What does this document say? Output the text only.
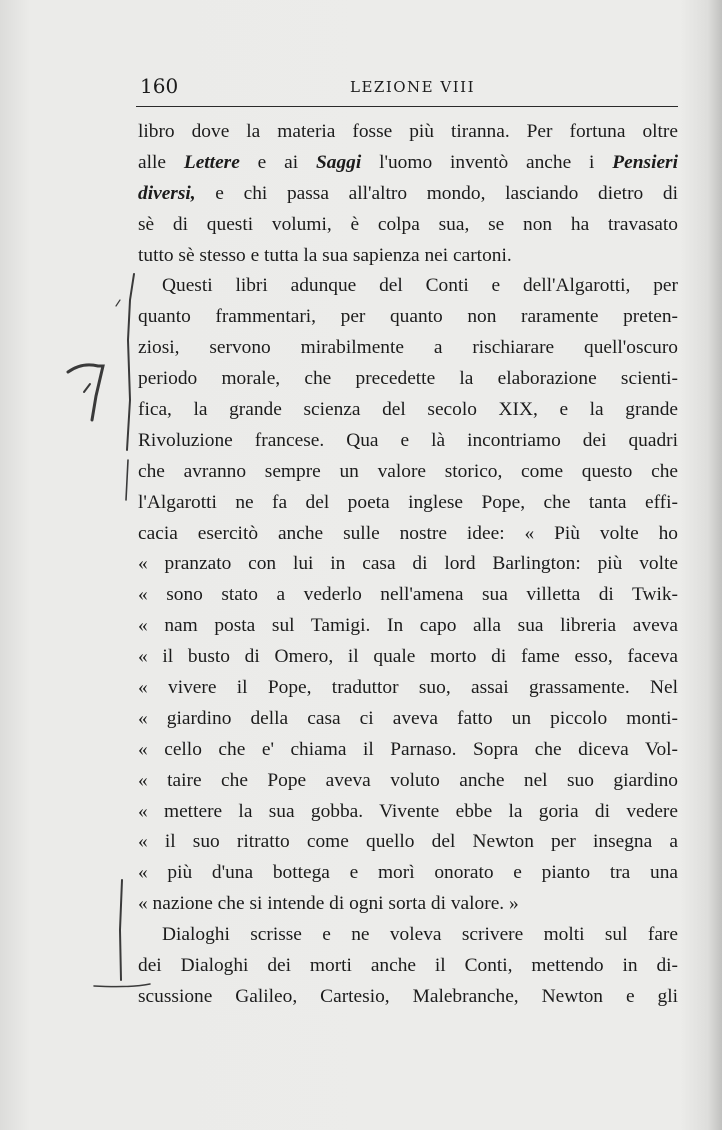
160	LEZIONE VIII
libro dove la materia fosse più tiranna. Per fortuna oltre
alle Lettere e ai Saggi l'uomo inventò anche i Pensieri
diversi, e chi passa all'altro mondo, lasciando dietro di
sè di questi volumi, è colpa sua, se non ha travasato
tutto sè stesso e tutta la sua sapienza nei cartoni.
Questi libri adunque del Conti e dell'Algarotti, per
quanto frammentari, per quanto non raramente preten-
ziosi, servono mirabilmente a rischiarare quell'oscuro
periodo morale, che precedette la elaborazione scienti-
fica, la grande scienza del secolo XIX, e la grande
Rivoluzione francese. Qua e là incontriamo dei quadri
che avranno sempre un valore storico, come questo che
l'Algarotti ne fa del poeta inglese Pope, che tanta effi-
cacia esercitò anche sulle nostre idee: « Più volte ho
« pranzato con lui in casa di lord Barlington: più volte
« sono stato a vederlo nell'amena sua villetta di Twik-
« nam posta sul Tamigi. In capo alla sua libreria aveva
« il busto di Omero, il quale morto di fame esso, faceva
« vivere il Pope, traduttor suo, assai grassamente. Nel
« giardino della casa ci aveva fatto un piccolo monti-
« cello che e' chiama il Parnaso. Sopra che diceva Vol-
« taire che Pope aveva voluto anche nel suo giardino
« mettere la sua gobba. Vivente ebbe la goria di vedere
« il suo ritratto come quello del Newton per insegna a
« più d'una bottega e morì onorato e pianto tra una
« nazione che si intende di ogni sorta di valore. »
Dialoghi scrisse e ne voleva scrivere molti sul fare
dei Dialoghi dei morti anche il Conti, mettendo in di-
scussione Galileo, Cartesio, Malebranche, Newton e gli
